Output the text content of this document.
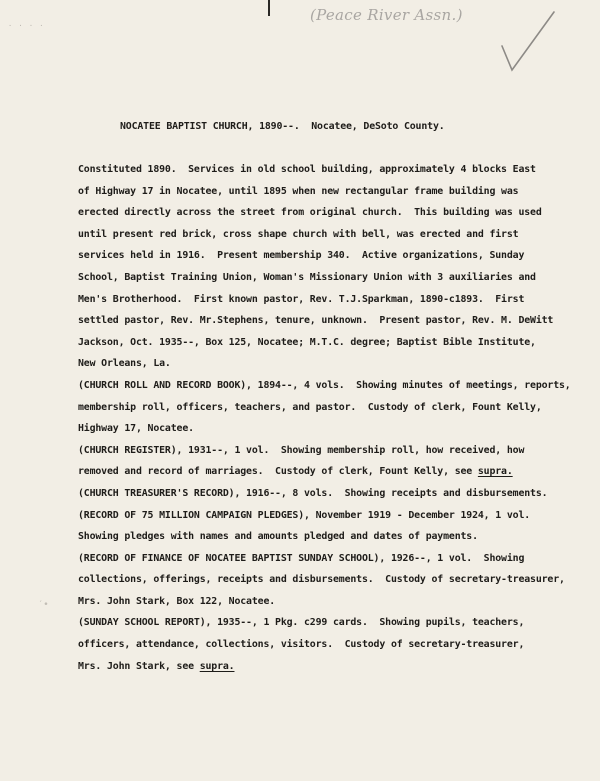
· · · ·
(Peace River Assn.)
′•
NOCATEE BAPTIST CHURCH, 1890--.  Nocatee, DeSoto County.
Constituted 1890.  Services in old school building, approximately 4 blocks East
of Highway 17 in Nocatee, until 1895 when new rectangular frame building was
erected directly across the street from original church.  This building was used
until present red brick, cross shape church with bell, was erected and first
services held in 1916.  Present membership 340.  Active organizations, Sunday
School, Baptist Training Union, Woman's Missionary Union with 3 auxiliaries and
Men's Brotherhood.  First known pastor, Rev. T.J.Sparkman, 1890-c1893.  First
settled pastor, Rev. Mr.Stephens, tenure, unknown.  Present pastor, Rev. M. DeWitt
Jackson, Oct. 1935--, Box 125, Nocatee; M.T.C. degree; Baptist Bible Institute,
New Orleans, La.
(CHURCH ROLL AND RECORD BOOK), 1894--, 4 vols.  Showing minutes of meetings, reports,
membership roll, officers, teachers, and pastor.  Custody of clerk, Fount Kelly,
Highway 17, Nocatee.
(CHURCH REGISTER), 1931--, 1 vol.  Showing membership roll, how received, how
removed and record of marriages.  Custody of clerk, Fount Kelly, see supra.
(CHURCH TREASURER'S RECORD), 1916--, 8 vols.  Showing receipts and disbursements.
(RECORD OF 75 MILLION CAMPAIGN PLEDGES), November 1919 - December 1924, 1 vol.
Showing pledges with names and amounts pledged and dates of payments.
(RECORD OF FINANCE OF NOCATEE BAPTIST SUNDAY SCHOOL), 1926--, 1 vol.  Showing
collections, offerings, receipts and disbursements.  Custody of secretary-treasurer,
Mrs. John Stark, Box 122, Nocatee.
(SUNDAY SCHOOL REPORT), 1935--, 1 Pkg. c299 cards.  Showing pupils, teachers,
officers, attendance, collections, visitors.  Custody of secretary-treasurer,
Mrs. John Stark, see supra.
